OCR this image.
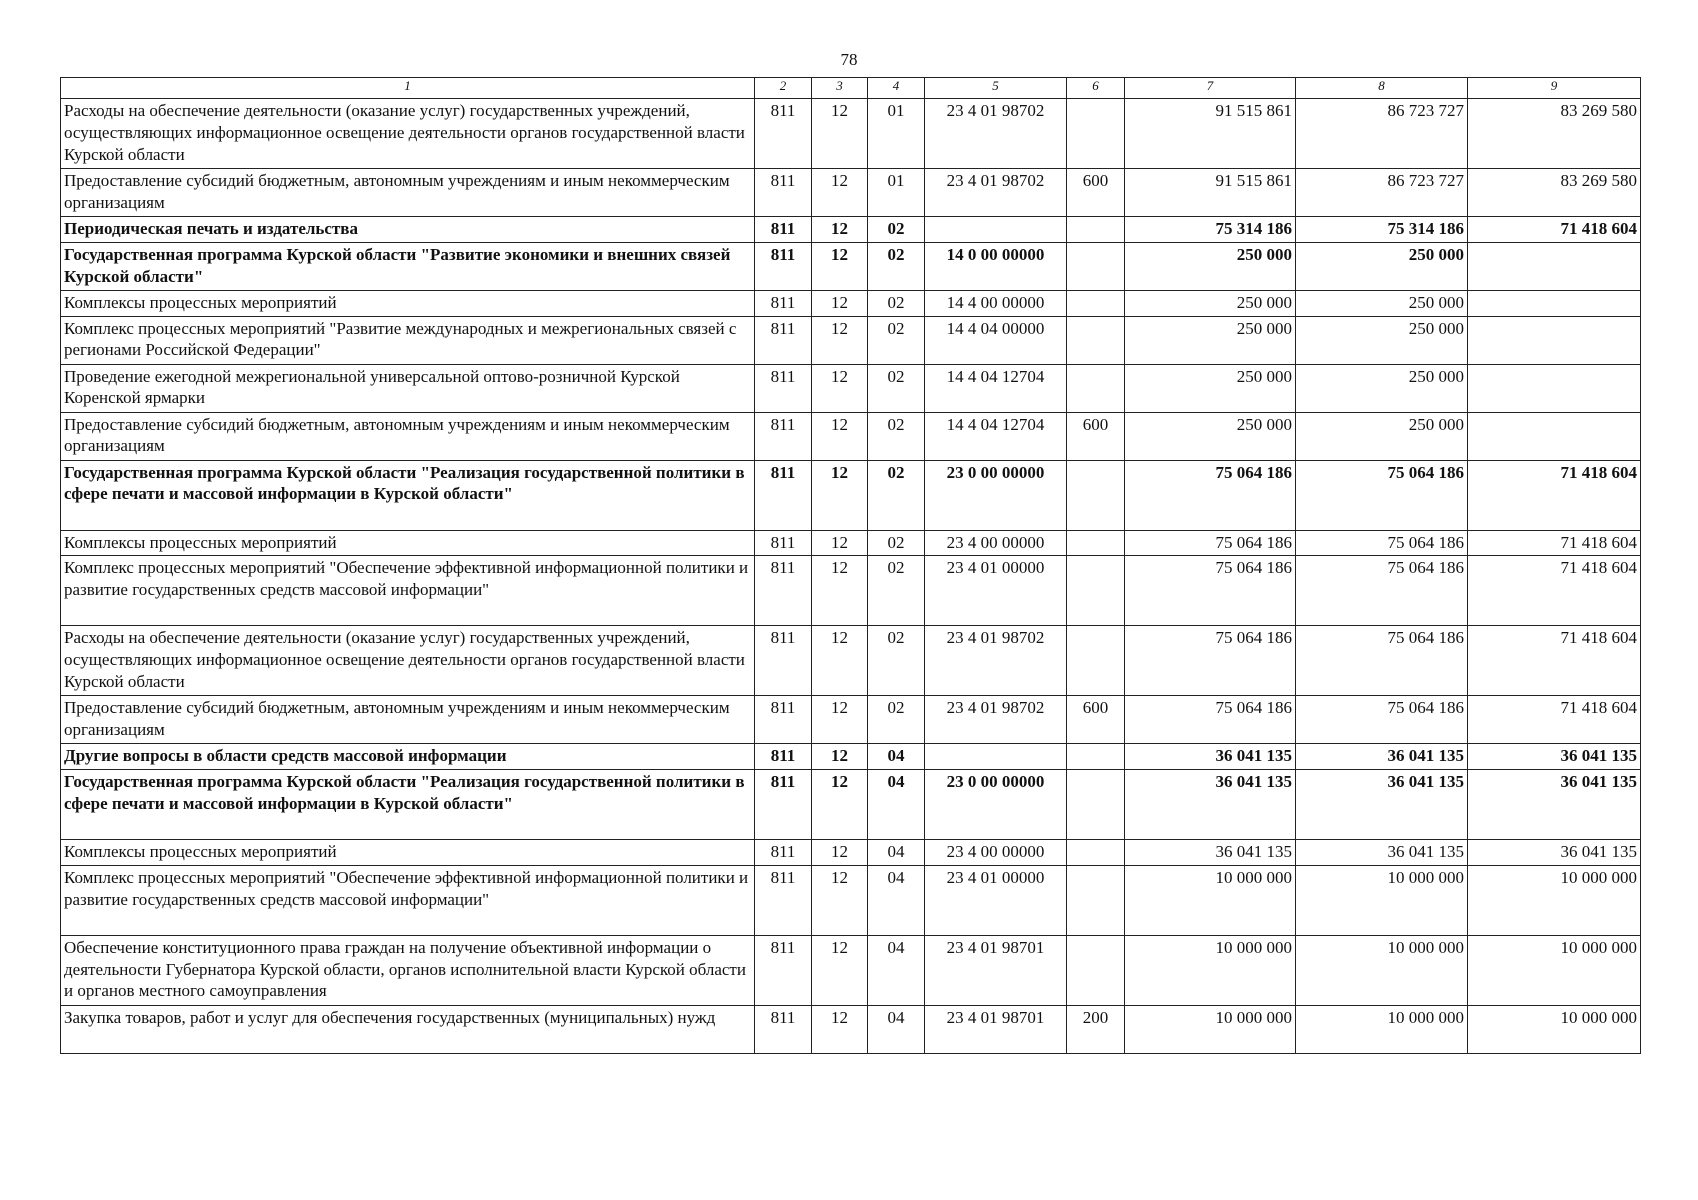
78
1	2	3	4	5	6	7	8	9
Расходы на обеспечение деятельности (оказание услуг) государственных учреждений, осуществляющих информационное освещение деятельности органов государственной власти Курской области	811	12	01	23 4 01 98702		91 515 861	86 723 727	83 269 580
Предоставление субсидий бюджетным, автономным учреждениям и иным некоммерческим организациям	811	12	01	23 4 01 98702	600	91 515 861	86 723 727	83 269 580
Периодическая печать и издательства	811	12	02			75 314 186	75 314 186	71 418 604
Государственная программа Курской области "Развитие экономики и внешних связей Курской области"	811	12	02	14 0 00 00000		250 000	250 000	
Комплексы процессных мероприятий	811	12	02	14 4 00 00000		250 000	250 000	
Комплекс процессных мероприятий "Развитие международных и межрегиональных связей с регионами Российской Федерации"	811	12	02	14 4 04 00000		250 000	250 000	
Проведение ежегодной межрегиональной универсальной оптово-розничной Курской Коренской ярмарки	811	12	02	14 4 04 12704		250 000	250 000	
Предоставление субсидий бюджетным, автономным учреждениям и иным некоммерческим организациям	811	12	02	14 4 04 12704	600	250 000	250 000	
Государственная программа Курской области "Реализация государственной политики в сфере печати и массовой информации в Курской области"	811	12	02	23 0 00 00000		75 064 186	75 064 186	71 418 604
Комплексы процессных мероприятий	811	12	02	23 4 00 00000		75 064 186	75 064 186	71 418 604
Комплекс процессных мероприятий "Обеспечение эффективной информационной политики и развитие государственных средств массовой информации"	811	12	02	23 4 01 00000		75 064 186	75 064 186	71 418 604
Расходы на обеспечение деятельности (оказание услуг) государственных учреждений, осуществляющих информационное освещение деятельности органов государственной власти Курской области	811	12	02	23 4 01 98702		75 064 186	75 064 186	71 418 604
Предоставление субсидий бюджетным, автономным учреждениям и иным некоммерческим организациям	811	12	02	23 4 01 98702	600	75 064 186	75 064 186	71 418 604
Другие вопросы в области средств массовой информации	811	12	04			36 041 135	36 041 135	36 041 135
Государственная программа Курской области "Реализация государственной политики в сфере печати и массовой информации в Курской области"	811	12	04	23 0 00 00000		36 041 135	36 041 135	36 041 135
Комплексы процессных мероприятий	811	12	04	23 4 00 00000		36 041 135	36 041 135	36 041 135
Комплекс процессных мероприятий "Обеспечение эффективной информационной политики и развитие государственных средств массовой информации"	811	12	04	23 4 01 00000		10 000 000	10 000 000	10 000 000
Обеспечение конституционного права граждан на получение объективной информации о деятельности Губернатора Курской области, органов исполнительной власти Курской области и органов местного самоуправления	811	12	04	23 4 01 98701		10 000 000	10 000 000	10 000 000
Закупка товаров, работ и услуг для обеспечения государственных (муниципальных) нужд	811	12	04	23 4 01 98701	200	10 000 000	10 000 000	10 000 000
